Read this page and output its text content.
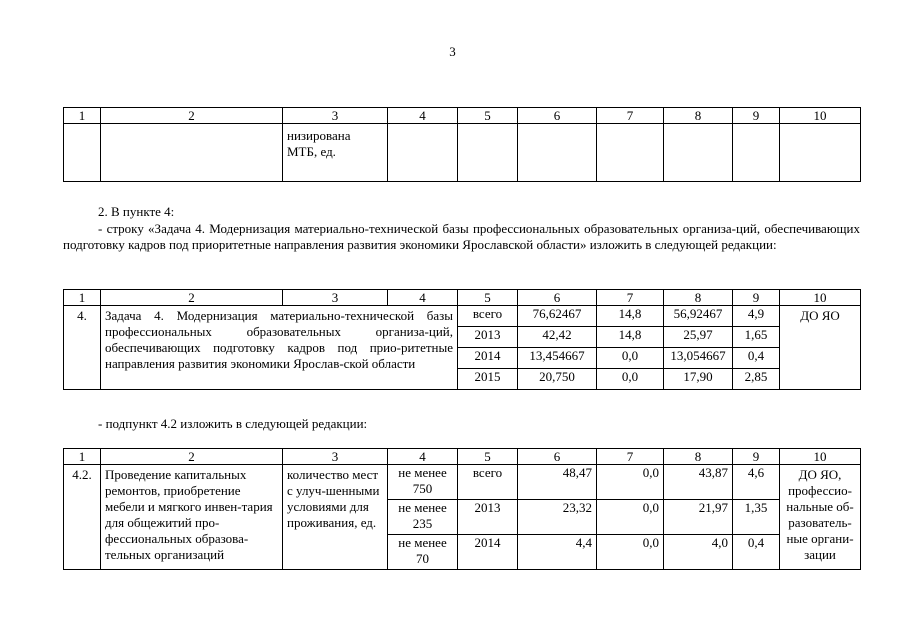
3
1	2	3	4	5	6	7	8	9	10

		низирована
МТБ, ед.							

2. В пункте 4:
- строку «Задача 4. Модернизация материально-технической базы профессиональных образовательных организа-ций, обеспечивающих подготовку кадров под приоритетные направления развития экономики Ярославской области» изложить в следующей редакции:
1	2	3	4	5	6	7	8	9	10
4.	Задача 4. Модернизация материально-технической базы профессиональных образовательных организа-ций, обеспечивающих подготовку кадров под прио-ритетные направления развития экономики Ярослав-ской области			всего	76,62467	14,8	56,92467	4,9	ДО ЯО
				2013	42,42	14,8	25,97	1,65	
				2014	13,454667	0,0	13,054667	0,4	
				2015	20,750	0,0	17,90	2,85	
- подпункт 4.2 изложить в следующей редакции:
1	2	3	4	5	6	7	8	9	10
4.2.	Проведение капитальных ремонтов, приобретение мебели и мягкого инвен-тария для общежитий про-фессиональных образова-тельных организаций	количество мест с улуч-шенными условиями для проживания, ед.	не менее
750	всего	48,47	0,0	43,87	4,6	ДО ЯО, профессио-нальные об-разователь-ные органи-зации

			не менее
235	2013	23,32	0,0	21,97	1,35	

			не менее
70	2014	4,4	0,0	4,0	0,4	
